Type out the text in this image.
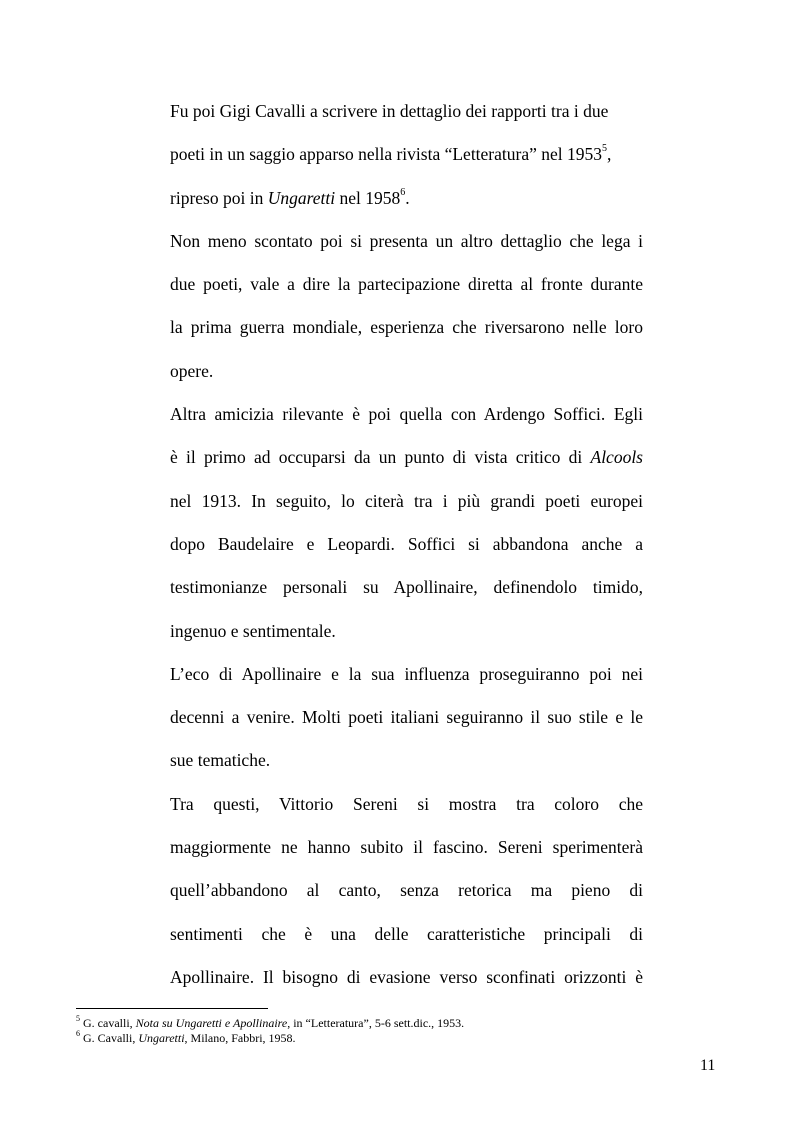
Fu poi Gigi Cavalli a scrivere in dettaglio dei rapporti tra i due
poeti in un saggio apparso nella rivista “Letteratura” nel 1953$^5$,
ripreso poi in Ungaretti nel 1958$^6$.
Non meno scontato poi si presenta un altro dettaglio che lega i
due poeti, vale a dire la partecipazione diretta al fronte durante
la prima guerra mondiale, esperienza che riversarono nelle loro
opere.
Altra amicizia rilevante è poi quella con Ardengo Soffici. Egli
è il primo ad occuparsi da un punto di vista critico di Alcools
nel 1913. In seguito, lo citerà tra i più grandi poeti europei
dopo Baudelaire e Leopardi. Soffici si abbandona anche a
testimonianze personali su Apollinaire, definendolo timido,
ingenuo e sentimentale.
L’eco di Apollinaire e la sua influenza proseguiranno poi nei
decenni a venire. Molti poeti italiani seguiranno il suo stile e le
sue tematiche.
Tra questi, Vittorio Sereni si mostra tra coloro che
maggiormente ne hanno subito il fascino. Sereni sperimenterà
quell’abbandono al canto, senza retorica ma pieno di
sentimenti che è una delle caratteristiche principali di
Apollinaire. Il bisogno di evasione verso sconfinati orizzonti è
$^5$ G. cavalli, Nota su Ungaretti e Apollinaire, in “Letteratura”, 5-6 sett.dic., 1953.
$^6$ G. Cavalli, Ungaretti, Milano, Fabbri, 1958.
11
